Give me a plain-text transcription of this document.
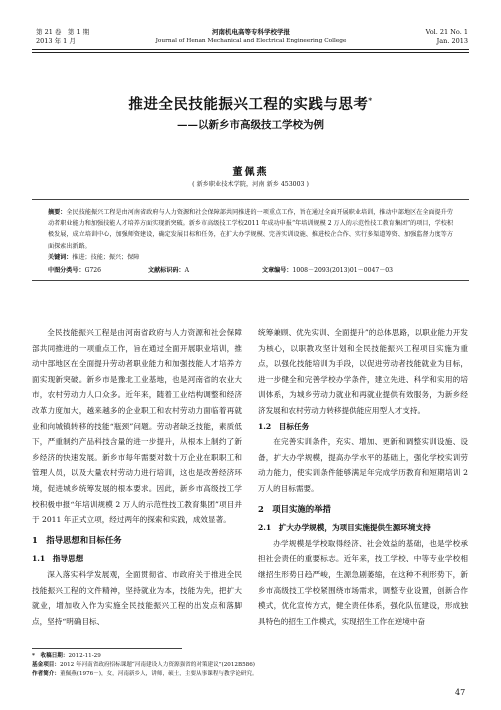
第 21 卷　第 1 期
2013 年 1 月
河南机电高等专科学校学报
Journal of Henan Mechanical and Electrical Engineering College
Vol. 21 No. 1
Jan. 2013
推进全民技能振兴工程的实践与思考*
——以新乡市高级技工学校为例
董佩燕
( 新乡职业技术学院，河南 新乡 453003 )
摘要：全民技能振兴工程是由河南省政府与人力资源和社会保障部共同推进的一项重点工作，旨在通过全面开展职业培训，推动中部地区在全面提升劳动者职业能力和加强技能人才培养方面实现新突破。新乡市高级技工学校2011 年成功申报“年培训规模 2 万人的示范性技工教育集团”的项目，学校积极发展，成立培训中心，加强师资建设，确定发展目标和任务，在扩大办学规模、完善实训设施、推进校企合作、实行多渠道筹资、加强监督力度等方面探索出新路。
关键词：推进；技能；振兴；保障
中图分类号：G726	文献标识码：A	文章编号：1008－2093(2013)01－0047－03

全民技能振兴工程是由河南省政府与人力资源和社会保障部共同推进的一项重点工作，旨在通过全面开展职业培训，推动中部地区在全面提升劳动者职业能力和加强技能人才培养方面实现新突破。新乡市是豫北工业基地，也是河南省的农业大市，农村劳动力人口众多。近年来，随着工业结构调整和经济改革力度加大，越来越多的企业职工和农村劳动力面临着再就业和向城镇转移的技能“瓶颈”问题。劳动者缺乏技能，素质低下，严重制约产品科技含量的进一步提升，从根本上制约了新乡经济的快速发展。新乡市每年需要对数十万企业在职职工和管理人员，以及大量农村劳动力进行培训，这也是改善经济环境，促进城乡统筹发展的根本要求。因此，新乡市高级技工学校积极申报“年培训规模 2 万人的示范性技工教育集团”项目并于 2011 年正式立项，经过两年的探索和实践，成效显著。

1　指导思想和目标任务
1.1　指导思想

深入落实科学发展观，全面贯彻省、市政府关于推进全民技能振兴工程的文件精神，坚持就业为本，技能为先，把扩大就业，增加收入作为实施全民技能振兴工程的出发点和落脚点，坚持“明确目标、

统筹兼顾、优先实训、全面提升”的总体思路，以职业能力开发为核心，以职教攻坚计划和全民技能振兴工程项目实施为重点，以强化技能培训为手段，以促进劳动者技能就业为目标，进一步健全和完善学校办学条件，建立先进、科学和实用的培训体系，为城乡劳动力就业和再就业提供有效服务，为新乡经济发展和农村劳动力转移提供能应用型人才支持。

1.2　目标任务

在完善实训条件，充实、增加、更新和调整实训设施、设备，扩大办学规模，提高办学水平的基础上，强化学校实训劳动力能力，使实训条件能够满足年完成学历教育和短期培训 2 万人的目标需要。

2　项目实施的举措
2.1　扩大办学规模，为项目实施提供生源环境支持

办学规模是学校取得经济、社会效益的基础，也是学校承担社会责任的重要标志。近年来，技工学校、中等专业学校相继招生形势日趋严峻，生源急剧萎缩，在这种不利形势下，新乡市高级技工学校紧围绕市场需求，调整专业设置，创新合作模式，优化宣传方式，健全责任体系，强化队伍建设，形成独具特色的招生工作模式，实现招生工作在逆境中奋

*　收稿日期：2012-11-29
基金项目：2012 年河南省政府招标课题“河南建设人力资源强省的对策建议”(2012B586)
作者简介：董佩燕(1976－)，女，河南新乡人，讲师，硕士，主要从事课程与教学论研究。
47
